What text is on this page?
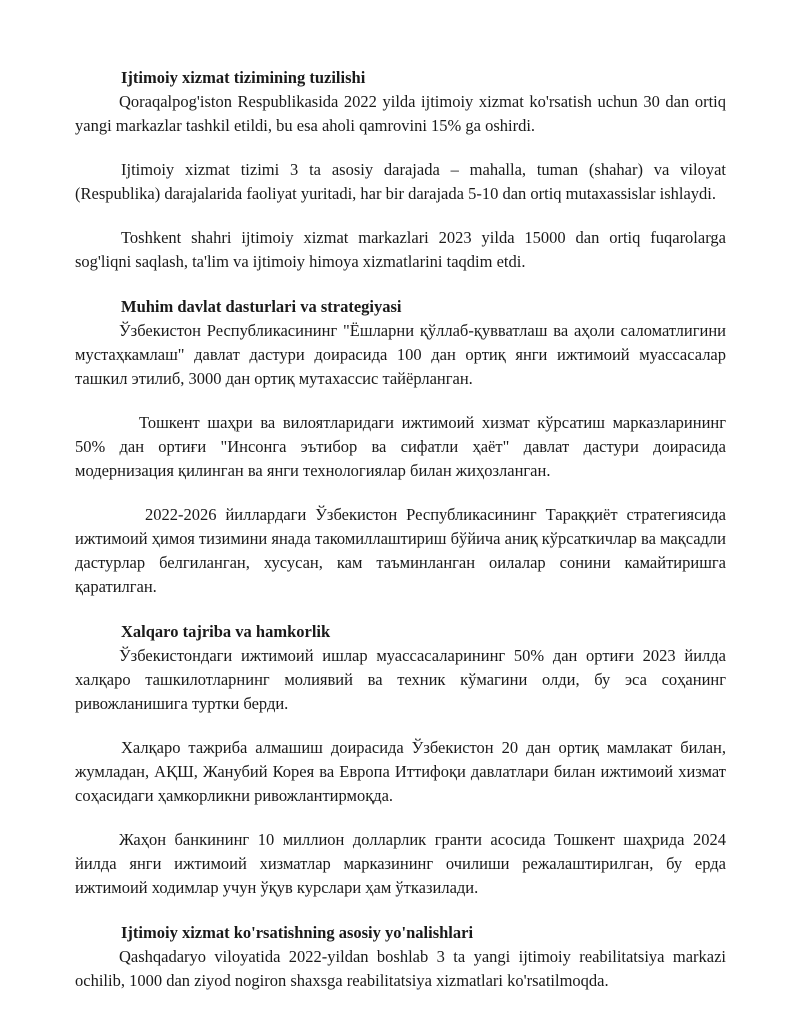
Ijtimoiy xizmat tizimining tuzilishi

Qoraqalpog'iston Respublikasida 2022 yilda ijtimoiy xizmat ko'rsatish uchun 30 dan ortiq yangi markazlar tashkil etildi, bu esa aholi qamrovini 15% ga oshirdi.

Ijtimoiy xizmat tizimi 3 ta asosiy darajada – mahalla, tuman (shahar) va viloyat (Respublika) darajalarida faoliyat yuritadi, har bir darajada 5-10 dan ortiq mutaxassislar ishlaydi.

Toshkent shahri ijtimoiy xizmat markazlari 2023 yilda 15000 dan ortiq fuqarolarga sog'liqni saqlash, ta'lim va ijtimoiy himoya xizmatlarini taqdim etdi.

Muhim davlat dasturlari va strategiyasi

Ўзбекистон Республикасининг "Ёшларни қўллаб-қувватлаш ва аҳоли саломатлигини мустаҳкамлаш" давлат дастури доирасида 100 дан ортиқ янги ижтимоий муассасалар ташкил этилиб, 3000 дан ортиқ мутахассис тайёрланган.

Тошкент шаҳри ва вилоятларидаги ижтимоий хизмат кўрсатиш марказларининг 50% дан ортиғи "Инсонга эътибор ва сифатли ҳаёт" давлат дастури доирасида модернизация қилинган ва янги технологиялар билан жиҳозланган.

2022-2026 йиллардаги Ўзбекистон Республикасининг Тараққиёт стратегиясида ижтимоий ҳимоя тизимини янада такомиллаштириш бўйича аниқ кўрсаткичлар ва мақсадли дастурлар белгиланган, хусусан, кам таъминланган оилалар сонини камайтиришга қаратилган.

Xalqaro tajriba va hamkorlik

Ўзбекистондаги ижтимоий ишлар муассасаларининг 50% дан ортиғи 2023 йилда халқаро ташкилотларнинг молиявий ва техник кўмагини олди, бу эса соҳанинг ривожланишига туртки берди.

Халқаро тажриба алмашиш доирасида Ўзбекистон 20 дан ортиқ мамлакат билан, жумладан, АҚШ, Жанубий Корея ва Европа Иттифоқи давлатлари билан ижтимоий хизмат соҳасидаги ҳамкорликни ривожлантирмоқда.

Жаҳон банкининг 10 миллион долларлик гранти асосида Тошкент шаҳрида 2024 йилда янги ижтимоий хизматлар марказининг очилиши режалаштирилган, бу ерда ижтимоий ходимлар учун ўқув курслари ҳам ўтказилади.

Ijtimoiy xizmat ko'rsatishning asosiy yo'nalishlari

Qashqadaryo viloyatida 2022-yildan boshlab 3 ta yangi ijtimoiy reabilitatsiya markazi ochilib, 1000 dan ziyod nogiron shaxsga reabilitatsiya xizmatlari ko'rsatilmoqda.
